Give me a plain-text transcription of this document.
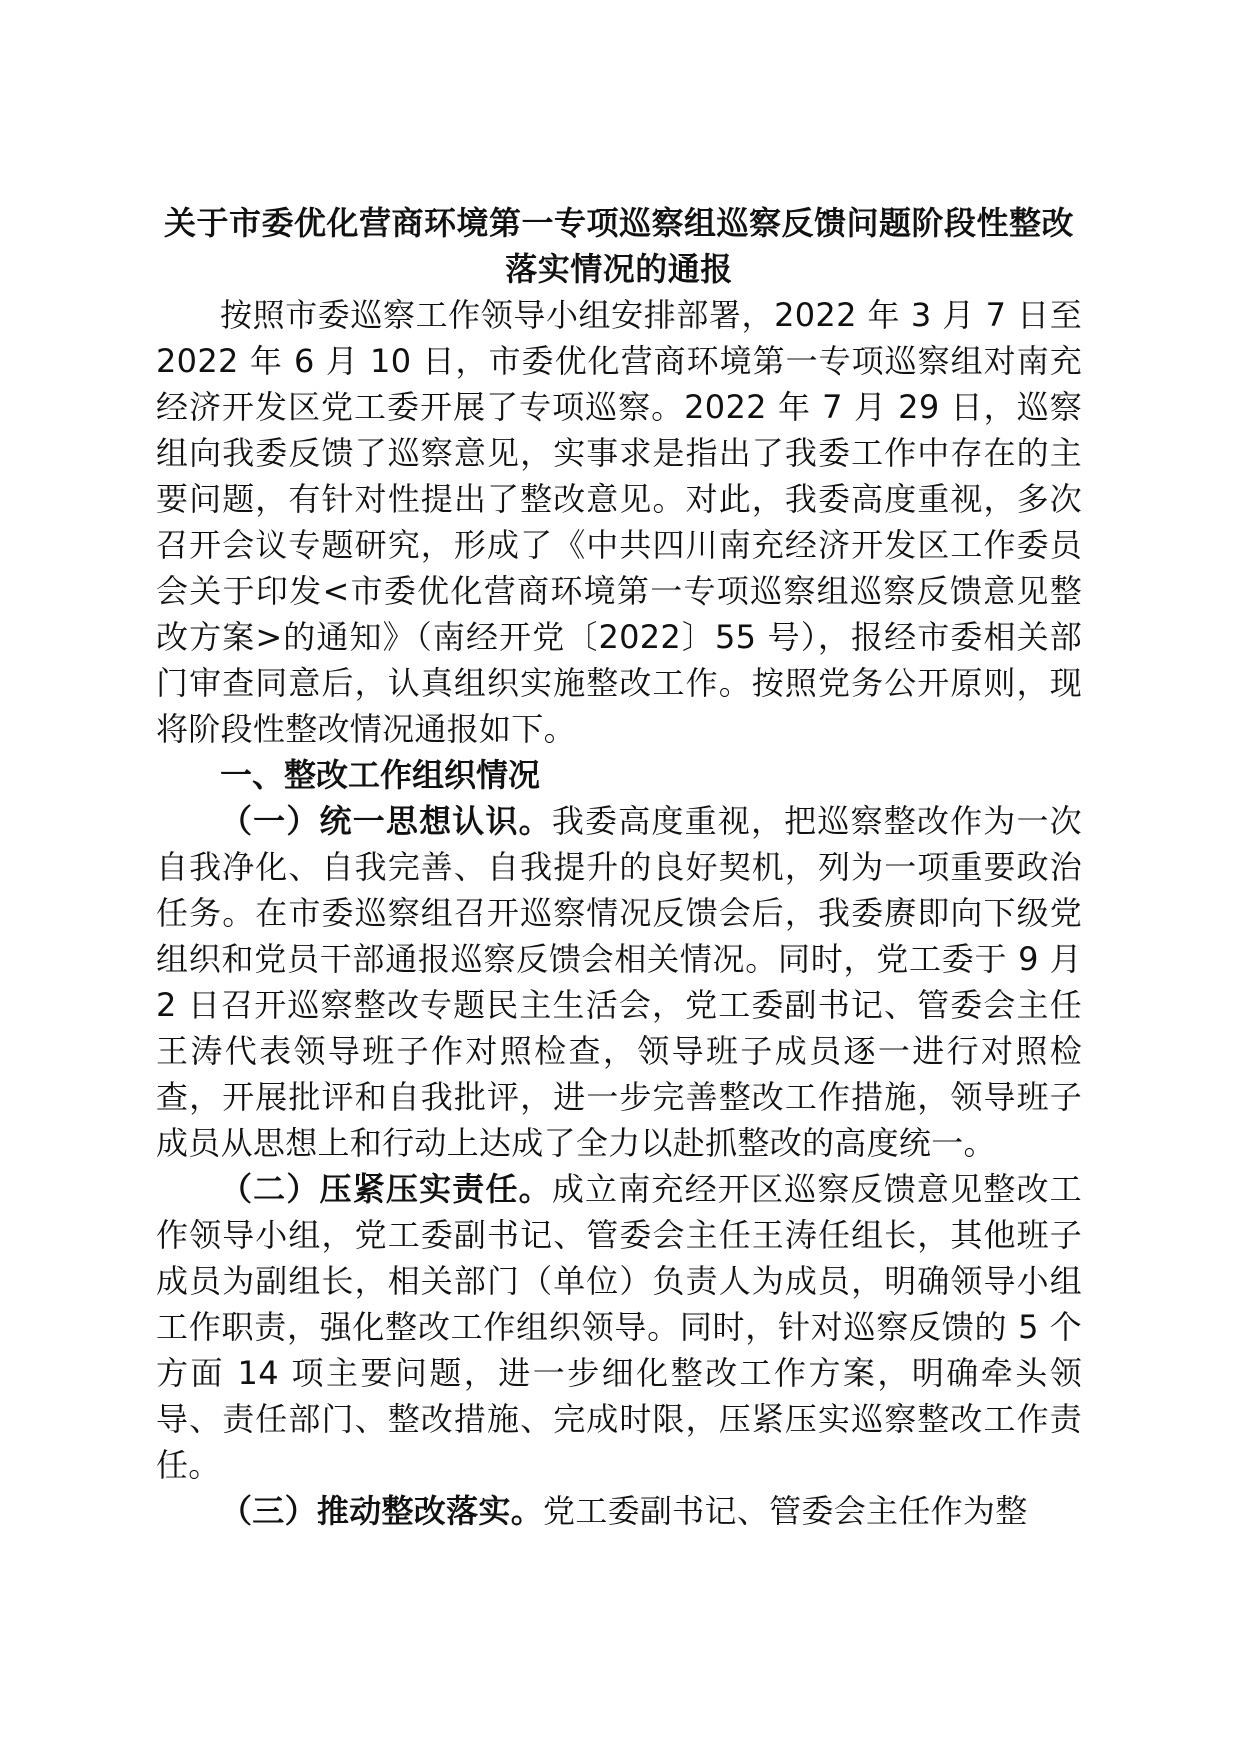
关于市委优化营商环境第一专项巡察组巡察反馈问题阶段性整改落实情况的通报

按照市委巡察工作领导小组安排部署，2022 年 3 月 7 日至 2022 年 6 月 10 日，市委优化营商环境第一专项巡察组对南充经济开发区党工委开展了专项巡察。2022 年 7 月 29 日，巡察组向我委反馈了巡察意见，实事求是指出了我委工作中存在的主要问题，有针对性提出了整改意见。对此，我委高度重视，多次召开会议专题研究，形成了《中共四川南充经济开发区工作委员会关于印发<市委优化营商环境第一专项巡察组巡察反馈意见整改方案>的通知》（南经开党〔2022〕55 号），报经市委相关部门审查同意后，认真组织实施整改工作。按照党务公开原则，现将阶段性整改情况通报如下。

一、整改工作组织情况

（一）统一思想认识。我委高度重视，把巡察整改作为一次自我净化、自我完善、自我提升的良好契机，列为一项重要政治任务。在市委巡察组召开巡察情况反馈会后，我委赓即向下级党组织和党员干部通报巡察反馈会相关情况。同时，党工委于 9 月 2 日召开巡察整改专题民主生活会，党工委副书记、管委会主任王涛代表领导班子作对照检查，领导班子成员逐一进行对照检查，开展批评和自我批评，进一步完善整改工作措施，领导班子成员从思想上和行动上达成了全力以赴抓整改的高度统一。

（二）压紧压实责任。成立南充经开区巡察反馈意见整改工作领导小组，党工委副书记、管委会主任王涛任组长，其他班子成员为副组长，相关部门（单位）负责人为成员，明确领导小组工作职责，强化整改工作组织领导。同时，针对巡察反馈的 5 个方面 14 项主要问题，进一步细化整改工作方案，明确牵头领导、责任部门、整改措施、完成时限，压紧压实巡察整改工作责任。

（三）推动整改落实。党工委副书记、管委会主任作为整
